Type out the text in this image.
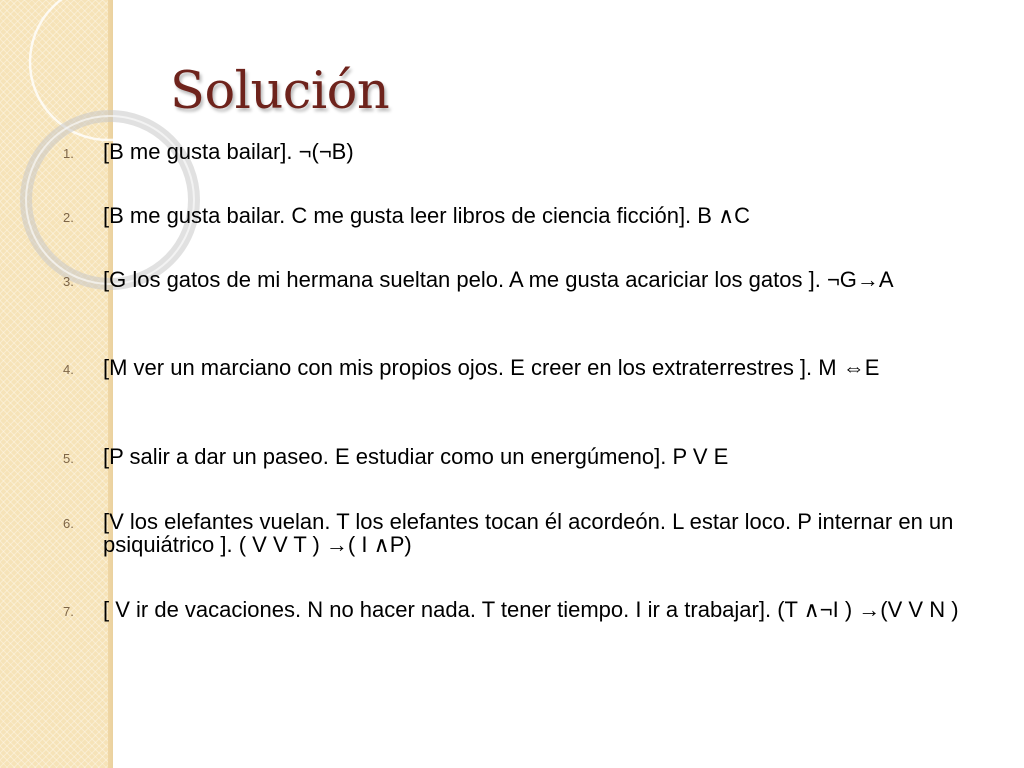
Solución
1.	[B me gusta bailar]. ¬(¬B)
2.	[B me gusta bailar. C me gusta leer libros de ciencia ficción]. B ∧C
3.	[G los gatos de mi hermana sueltan pelo. A me gusta acariciar los gatos ]. ¬G→A
4.	[M ver un marciano con mis propios ojos. E creer en los extraterrestres ]. M ⇔E
5.	[P salir a dar un paseo. E estudiar como un energúmeno]. P V E
6.	[V los elefantes vuelan. T los elefantes tocan él acordeón. L estar loco. P internar en un psiquiátrico ]. ( V V T ) →( I ∧P)
7.	[ V ir de vacaciones. N no hacer nada. T tener tiempo. I ir a trabajar]. (T ∧¬I ) →(V V N )
